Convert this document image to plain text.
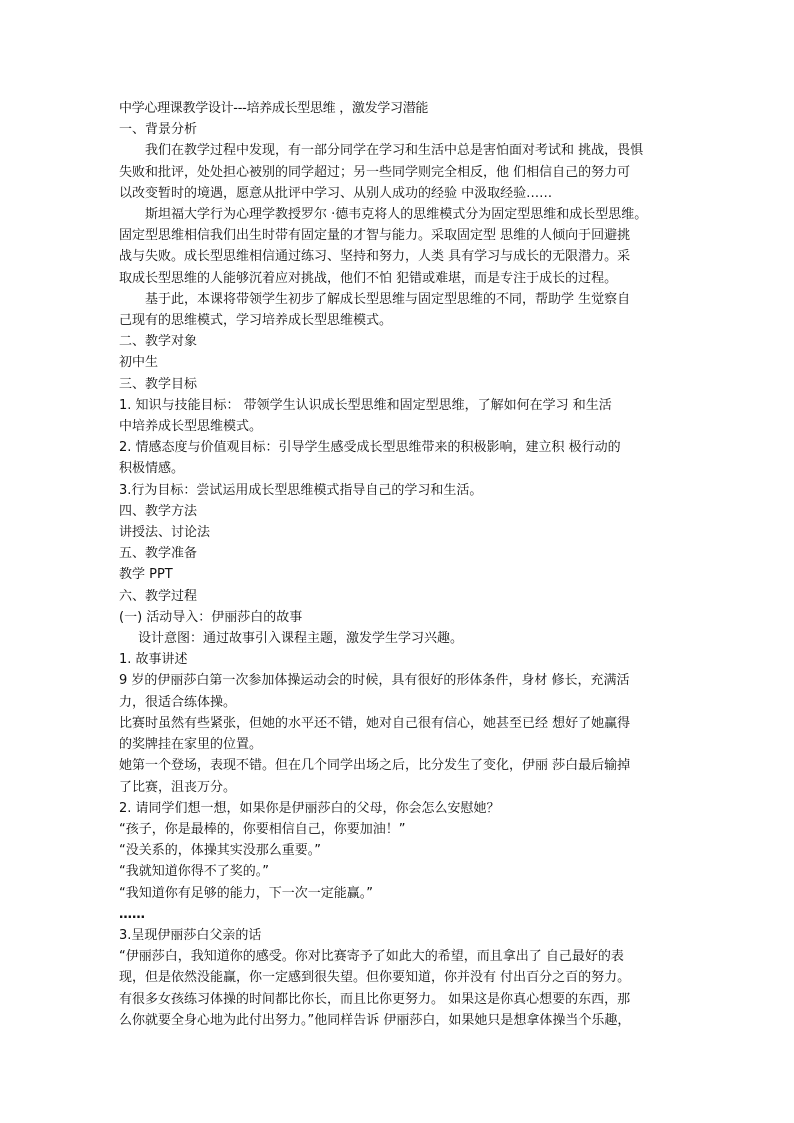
中学心理课教学设计---培养成长型思维 ，激发学习潜能
一、背景分析
我们在教学过程中发现，有一部分同学在学习和生活中总是害怕面对考试和 挑战，畏惧
失败和批评，处处担心被别的同学超过；另一些同学则完全相反，他 们相信自己的努力可
以改变暂时的境遇，愿意从批评中学习、从别人成功的经验 中汲取经验……
斯坦福大学行为心理学教授罗尔 ·德韦克将人的思维模式分为固定型思维和成长型思维。
固定型思维相信我们出生时带有固定量的才智与能力。采取固定型 思维的人倾向于回避挑
战与失败。成长型思维相信通过练习、坚持和努力，人类 具有学习与成长的无限潜力。采
取成长型思维的人能够沉着应对挑战，他们不怕 犯错或难堪，而是专注于成长的过程。
基于此，本课将带领学生初步了解成长型思维与固定型思维的不同，帮助学 生觉察自
己现有的思维模式，学习培养成长型思维模式。
二、教学对象
初中生
三、教学目标
1. 知识与技能目标： 带领学生认识成长型思维和固定型思维，了解如何在学习 和生活
中培养成长型思维模式。
2. 情感态度与价值观目标：引导学生感受成长型思维带来的积极影响，建立积 极行动的
积极情感。
3.行为目标：尝试运用成长型思维模式指导自己的学习和生活。
四、教学方法
讲授法、讨论法
五、教学准备
教学 PPT
六、教学过程
(一) 活动导入：伊丽莎白的故事
设计意图：通过故事引入课程主题，激发学生学习兴趣。
1. 故事讲述
9 岁的伊丽莎白第一次参加体操运动会的时候，具有很好的形体条件，身材 修长，充满活
力，很适合练体操。
比赛时虽然有些紧张，但她的水平还不错，她对自己很有信心，她甚至已经 想好了她赢得
的奖牌挂在家里的位置。
她第一个登场，表现不错。但在几个同学出场之后，比分发生了变化，伊丽 莎白最后输掉
了比赛，沮丧万分。
2. 请同学们想一想，如果你是伊丽莎白的父母，你会怎么安慰她？
“孩子，你是最棒的，你要相信自己，你要加油！”
“没关系的，体操其实没那么重要。”
“我就知道你得不了奖的。”
“我知道你有足够的能力，下一次一定能赢。”
……
3.呈现伊丽莎白父亲的话
“伊丽莎白，我知道你的感受。你对比赛寄予了如此大的希望，而且拿出了 自己最好的表
现，但是依然没能赢，你一定感到很失望。但你要知道，你并没有 付出百分之百的努力。
有很多女孩练习体操的时间都比你长，而且比你更努力。 如果这是你真心想要的东西，那
么你就要全身心地为此付出努力。”他同样告诉 伊丽莎白，如果她只是想拿体操当个乐趣，
